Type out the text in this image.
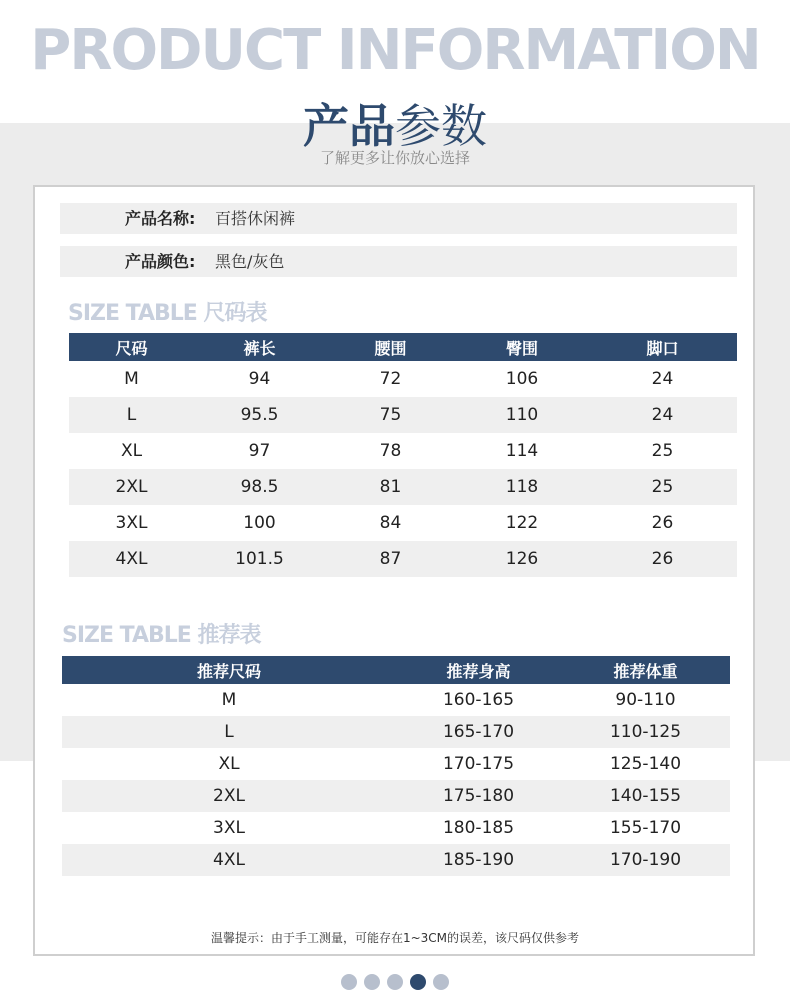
PRODUCT INFORMATION
产品参数
了解更多让你放心选择
产品名称: 百搭休闲裤
产品颜色: 黑色/灰色
SIZE TABLE 尺码表
尺码	裤长	腰围	臀围	脚口
M	94	72	106	24
L	95.5	75	110	24
XL	97	78	114	25
2XL	98.5	81	118	25
3XL	100	84	122	26
4XL	101.5	87	126	26
SIZE TABLE 推荐表
推荐尺码	推荐身高	推荐体重
M	160-165	90-110
L	165-170	110-125
XL	170-175	125-140
2XL	175-180	140-155
3XL	180-185	155-170
4XL	185-190	170-190
温馨提示：由于手工测量，可能存在1~3CM的误差，该尺码仅供参考
